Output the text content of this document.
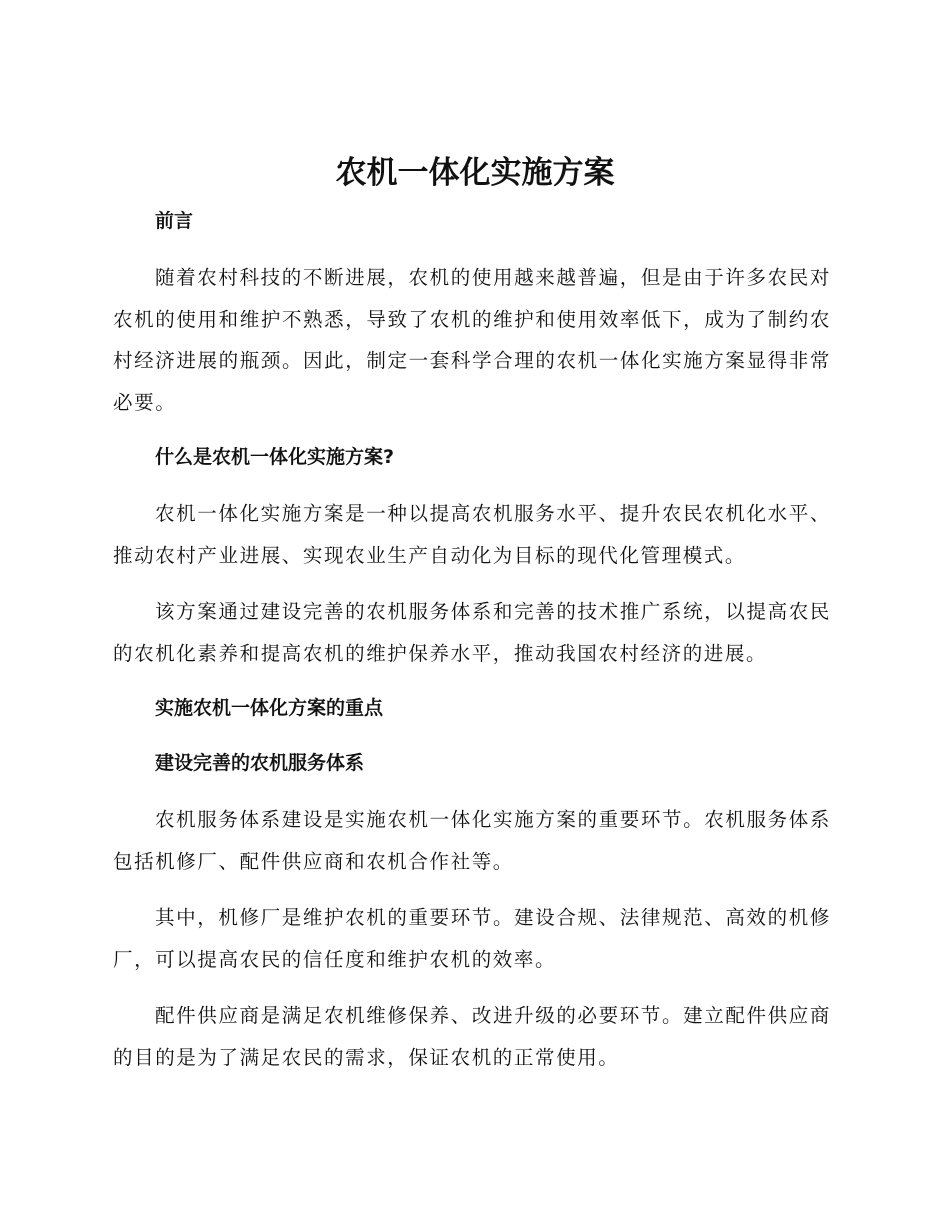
农机一体化实施方案
前言

随着农村科技的不断进展，农机的使用越来越普遍，但是由于许多农民对农机的使用和维护不熟悉，导致了农机的维护和使用效率低下，成为了制约农村经济进展的瓶颈。因此，制定一套科学合理的农机一体化实施方案显得非常必要。

什么是农机一体化实施方案?

农机一体化实施方案是一种以提高农机服务水平、提升农民农机化水平、推动农村产业进展、实现农业生产自动化为目标的现代化管理模式。

该方案通过建设完善的农机服务体系和完善的技术推广系统，以提高农民的农机化素养和提高农机的维护保养水平，推动我国农村经济的进展。

实施农机一体化方案的重点
建设完善的农机服务体系

农机服务体系建设是实施农机一体化实施方案的重要环节。农机服务体系包括机修厂、配件供应商和农机合作社等。

其中，机修厂是维护农机的重要环节。建设合规、法律规范、高效的机修厂，可以提高农民的信任度和维护农机的效率。

配件供应商是满足农机维修保养、改进升级的必要环节。建立配件供应商的目的是为了满足农民的需求，保证农机的正常使用。
